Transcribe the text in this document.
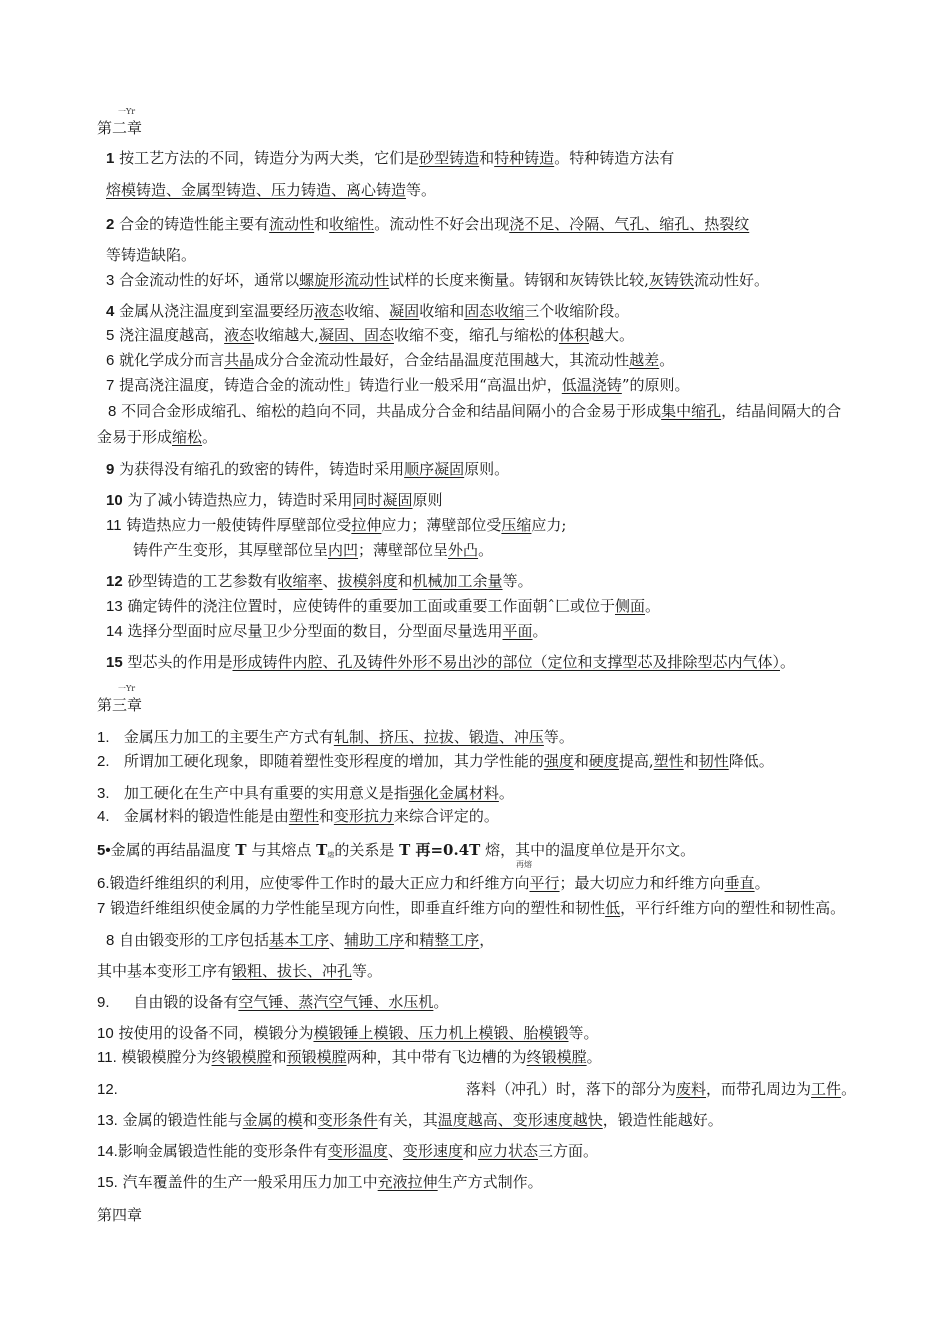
一Yr
第二章
1 按工艺方法的不同，铸造分为两大类，它们是砂型铸造和特种铸造。特种铸造方法有
熔模铸造、金属型铸造、压力铸造、离心铸造等。
2 合金的铸造性能主要有流动性和收缩性。流动性不好会出现浇不足、冷隔、气孔、缩孔、热裂纹
等铸造缺陷。
3 合金流动性的好坏，通常以螺旋形流动性试样的长度来衡量。铸钢和灰铸铁比较,灰铸铁流动性好。
4 金属从浇注温度到室温要经历液态收缩、凝固收缩和固态收缩三个收缩阶段。
5 浇注温度越高，液态收缩越大,凝固、固态收缩不变，缩孔与缩松的体积越大。
6 就化学成分而言共晶成分合金流动性最好，合金结晶温度范围越大，其流动性越差。
7 提高浇注温度，铸造合金的流动性」铸造行业一般采用“高温出炉，低温浇铸”的原则。
8 不同合金形成缩孔、缩松的趋向不同，共晶成分合金和结晶间隔小的合金易于形成集中缩孔，结晶间隔大的合
金易于形成缩松。
9 为获得没有缩孔的致密的铸件，铸造时采用顺序凝固原则。
10 为了减小铸造热应力，铸造时采用同时凝固原则
11 铸造热应力一般使铸件厚壁部位受拉伸应力；薄壁部位受压缩应力;
铸件产生变形，其厚壁部位呈内凹；薄壁部位呈外凸。
12 砂型铸造的工艺参数有收缩率、拔模斜度和机械加工余量等。
13 确定铸件的浇注位置时，应使铸件的重要加工面或重要工作面朝ˆ匚或位于侧面。
14 选择分型面时应尽量卫少分型面的数目，分型面尽量选用平面。
15 型芯头的作用是形成铸件内腔、孔及铸件外形不易出沙的部位（定位和支撑型芯及排除型芯内气体）。
一Yr
第三章
1. 金属压力加工的主要生产方式有轧制、挤压、拉拔、锻造、冲压等。
2. 所谓加工硬化现象，即随着塑性变形程度的增加，其力学性能的强度和硬度提高,塑性和韧性降低。
3. 加工硬化在生产中具有重要的实用意义是指强化金属材料。
4. 金属材料的锻造性能是由塑性和变形抗力来综合评定的。
5•金属的再结晶温度 T 与其熔点 $T_熔$的关系是 T 再=0.4T 熔，其中的温度单位是开尔文。
再熔
6.锻造纤维组织的利用，应使零件工作时的最大正应力和纤维方向平行；最大切应力和纤维方向垂直。
7 锻造纤维组织使金属的力学性能呈现方向性，即垂直纤维方向的塑性和韧性低，平行纤维方向的塑性和韧性高。
8 自由锻变形的工序包括基本工序、辅助工序和精整工序，
其中基本变形工序有锻粗、拔长、冲孔等。
9. 自由锻的设备有空气锤、蒸汽空气锤、水压机。
10 按使用的设备不同，模锻分为模锻锤上模锻、压力机上模锻、胎模锻等。
11. 模锻模膛分为终锻模膛和预锻模膛两种，其中带有飞边槽的为终锻模膛。
12.	落料（冲孔）时，落下的部分为废料，而带孔周边为工件。
13. 金属的锻造性能与金属的模和变形条件有关，其温度越高、变形速度越快，锻造性能越好。
14.影响金属锻造性能的变形条件有变形温度、变形速度和应力状态三方面。
15. 汽车覆盖件的生产一般采用压力加工中充液拉伸生产方式制作。
第四章
